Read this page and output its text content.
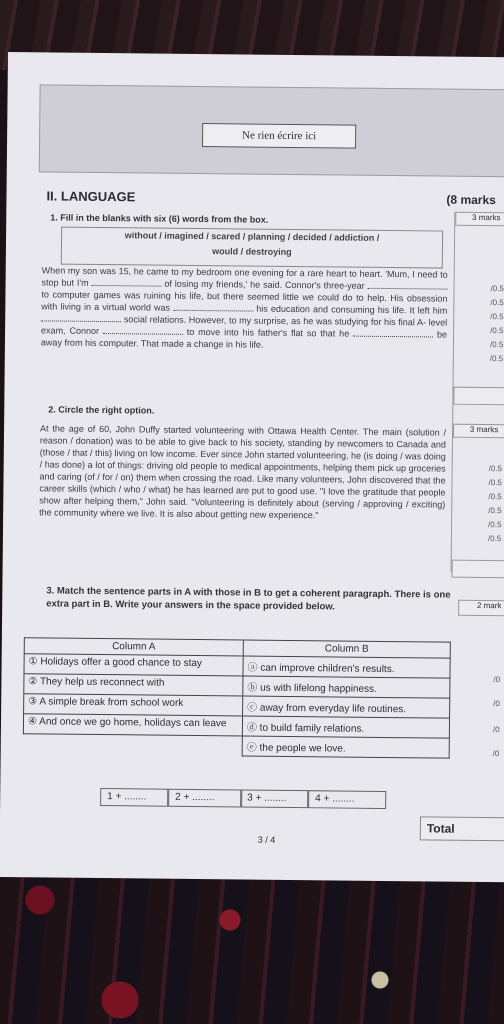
Ne rien écrire ici
II. LANGUAGE	(8 marks
3 marks
/0.5
/0.5
/0.5
/0.5
/0.5
/0.5
3 marks
/0.5
/0.5
/0.5
/0.5
/0.5
/0.5
2 mark
/0
/0
/0
/0
1. Fill in the blanks with six (6) words from the box.
without / imagined / scared / planning / decided / addiction /
would / destroying
When my son was 15, he came to my bedroom one evening for a rare heart to heart. 'Mum, I need to stop but I'm	of losing my friends,' he said. Connor's three-year  to computer games was ruining his life, but there seemed little we could do to help. His obsession with living in a virtual world was	his education and consuming his life. It left him  social relations. However, to my surprise, as he was studying for his final A- level exam, Connor	to move into his father's flat so that he	be away from his computer. That made a change in his life.
2. Circle the right option.
At the age of 60, John Duffy started volunteering with Ottawa Health Center. The main (solution / reason / donation) was to be able to give back to his society, standing by newcomers to Canada and (those / that / this) living on low income. Ever since John started volunteering, he (is doing / was doing / has done) a lot of things: driving old people to medical appointments, helping them pick up groceries and caring (of / for / on) them when crossing the road. Like many volunteers, John discovered that the career skills (which / who / what) he has learned are put to good use. "I love the gratitude that people show after helping them," John said. "Volunteering is definitely about (serving / approving / exciting) the community where we live. It is also about getting new experience."
3. Match the sentence parts in A with those in B to get a coherent paragraph. There is one extra part in B. Write your answers in the space provided below.
Column A	Column B
① Holidays offer a good chance to stay	ⓐ can improve children's results.
② They help us reconnect with	ⓑ us with lifelong happiness.
③ A simple break from school work	ⓒ away from everyday life routines.
④ And once we go home, holidays can leave	ⓓ to build family relations.
	ⓔ the people we love.
1 + ........	2 + ........	3 + ........	4 + ........
Total
3 / 4
